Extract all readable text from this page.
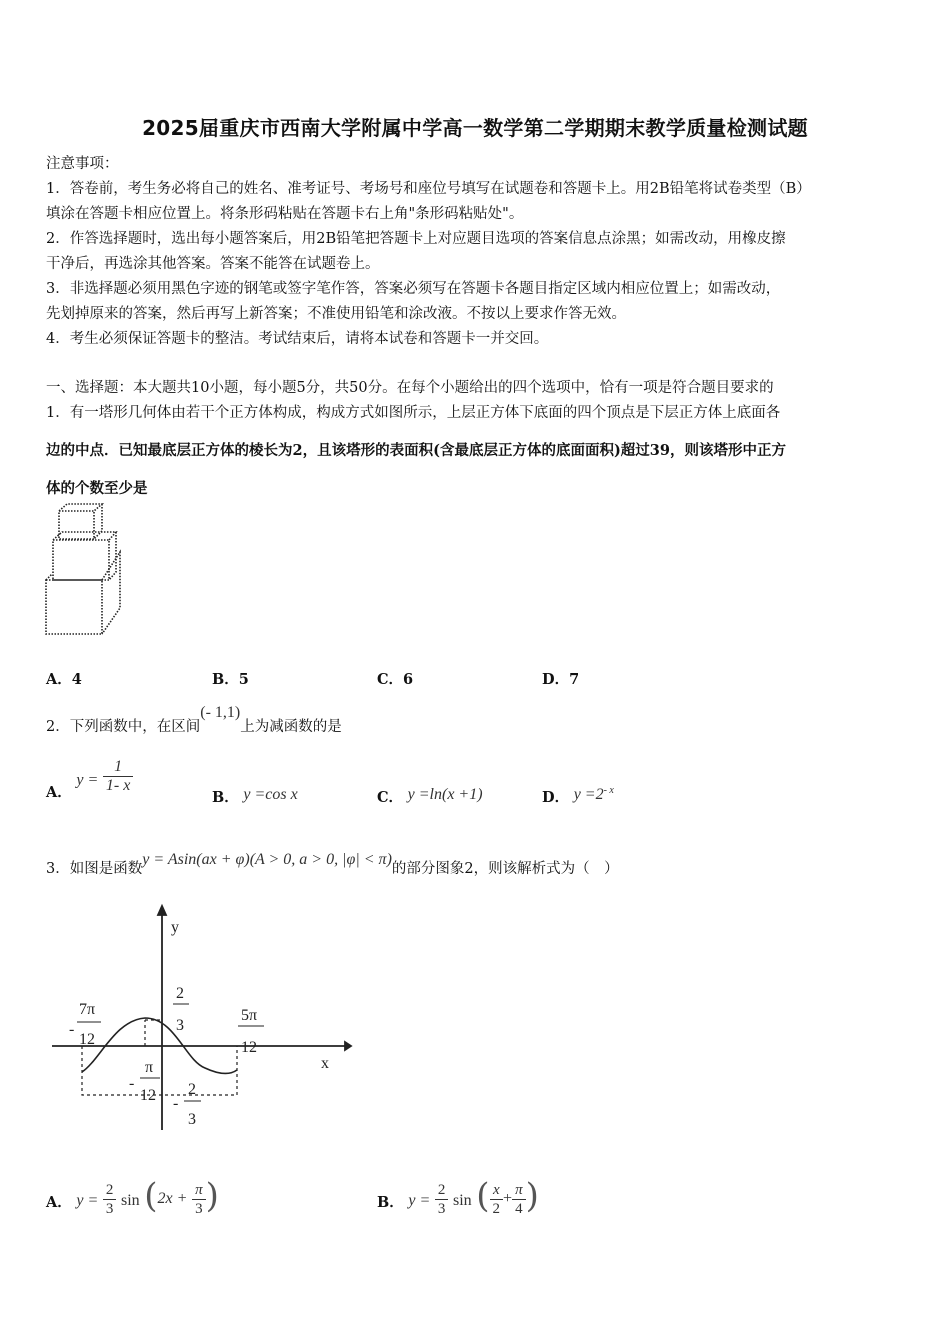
2025届重庆市西南大学附属中学高一数学第二学期期末教学质量检测试题
注意事项：
1．答卷前，考生务必将自己的姓名、准考证号、考场号和座位号填写在试题卷和答题卡上。用2B铅笔将试卷类型（B）
填涂在答题卡相应位置上。将条形码粘贴在答题卡右上角"条形码粘贴处"。
2．作答选择题时，选出每小题答案后，用2B铅笔把答题卡上对应题目选项的答案信息点涂黑；如需改动，用橡皮擦
干净后，再选涂其他答案。答案不能答在试题卷上。
3．非选择题必须用黑色字迹的钢笔或签字笔作答，答案必须写在答题卡各题目指定区域内相应位置上；如需改动，
先划掉原来的答案，然后再写上新答案；不准使用铅笔和涂改液。不按以上要求作答无效。
4．考生必须保证答题卡的整洁。考试结束后，请将本试卷和答题卡一并交回。
一、选择题：本大题共10小题，每小题5分，共50分。在每个小题给出的四个选项中，恰有一项是符合题目要求的
1．有一塔形几何体由若干个正方体构成，构成方式如图所示，上层正方体下底面的四个顶点是下层正方体上底面各
边的中点．已知最底层正方体的棱长为2，且该塔形的表面积(含最底层正方体的底面面积)超过39，则该塔形中正方
体的个数至少是
A．4	B．5	C．6	D．7
2．下列函数中，在区间(- 1,1)上为减函数的是
A． $y = \frac{1}{1- x}$
B． y =cos x	C． y =ln(x +1)	D． $y =2^{- x}$
3．如图是函数y = Asin(ax + φ)(A > 0, a > 0, |φ| < π)的部分图象2，则该解析式为（　）
y
x
2
3
-
7π
12
5π
12
-
π
12 -
2
3
A． $y = \frac{2}{3}$ $\sin (2x + \frac{\pi}{3}$ )	B． $y = \frac{2}{3}$ sin ( $\frac{x}{2} + \frac{\pi}{4}$ )
